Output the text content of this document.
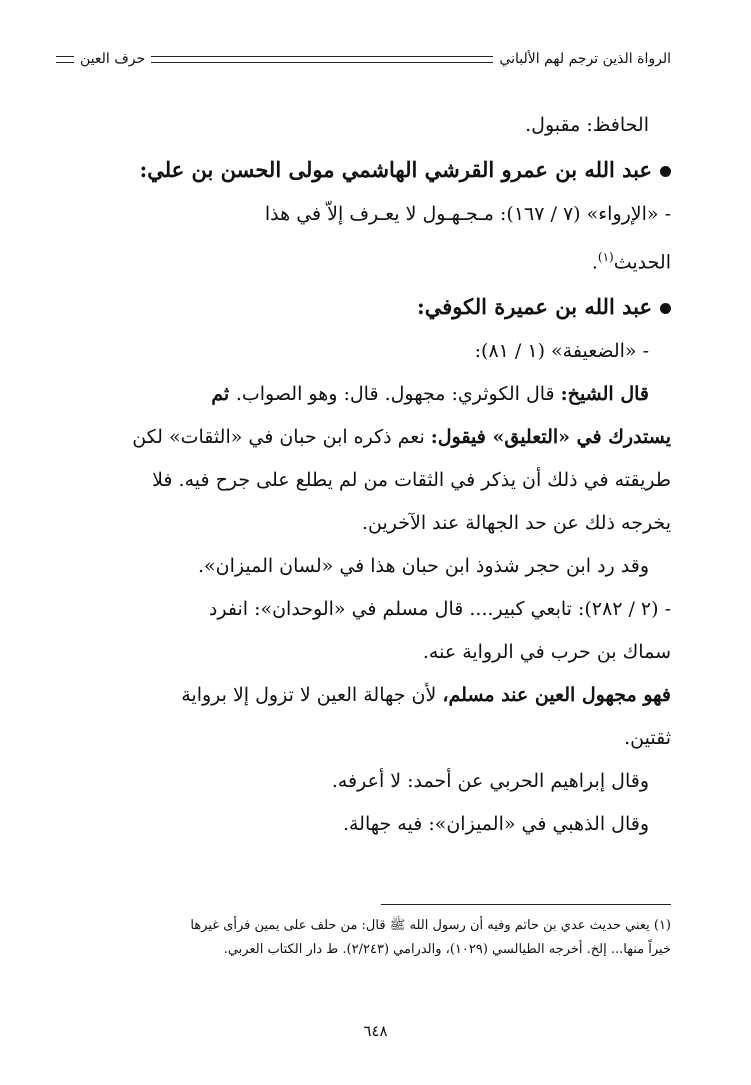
الرواة الذين ترجم لهم الألباني
حرف العين
الحافظ: مقبول.
عبد الله بن عمرو القرشي الهاشمي مولى الحسن بن علي:
- «الإرواء» (٧ / ١٦٧): مـجـهـول لا يعـرف إلاّ في هذا
الحديث$^{(١)}$.
عبد الله بن عميرة الكوفي:
- «الضعيفة» (١ / ٨١):
قال الشيخ: قال الكوثري: مجهول. قال: وهو الصواب. ثم
يستدرك في «التعليق» فيقول: نعم ذكره ابن حبان في «الثقات» لكن
طريقته في ذلك أن يذكر في الثقات من لم يطلع على جرح فيه. فلا
يخرجه ذلك عن حد الجهالة عند الآخرين.
وقد رد ابن حجر شذوذ ابن حبان هذا في «لسان الميزان».
- (٢ / ٢٨٢): تابعي كبير.... قال مسلم في «الوحدان»: انفرد
سماك بن حرب في الرواية عنه.
فهو مجهول العين عند مسلم، لأن جهالة العين لا تزول إلا برواية
ثقتين.
وقال إبراهيم الحربي عن أحمد: لا أعرفه.
وقال الذهبي في «الميزان»: فيه جهالة.
(١) يعني حديث عدي بن حاتم وفيه أن رسول الله ﷺ قال: من حلف على يمين فرأى غيرها
خيراً منها... إلخ. أخرجه الطيالسي (١٠٢٩)، والدرامي (٢/٢٤٣). ط دار الكتاب العربي.
٦٤٨
